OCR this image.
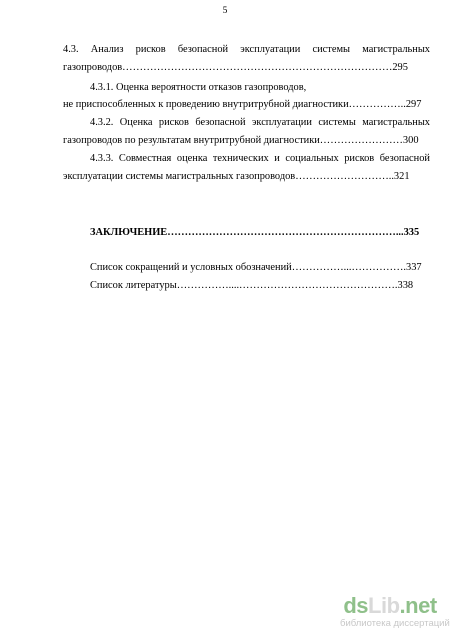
5
4.3. Анализ рисков безопасной эксплуатации системы магистральных
газопроводов……………………………………………………………………295
4.3.1. Оценка вероятности отказов газопроводов,
не приспособленных к проведению внутритрубной диагностики……………..297
4.3.2. Оценка рисков безопасной эксплуатации системы магистральных
газопроводов по результатам внутритрубной диагностики……………………300
4.3.3. Совместная оценка технических и социальных рисков безопасной
эксплуатации системы магистральных газопроводов………………………..321
ЗАКЛЮЧЕНИЕ…………………………………………………………...335
Список сокращений и условных обозначений……………...…………….337
Список литературы……………....……………………………………….338
dsLib.net
библиотека диссертаций
